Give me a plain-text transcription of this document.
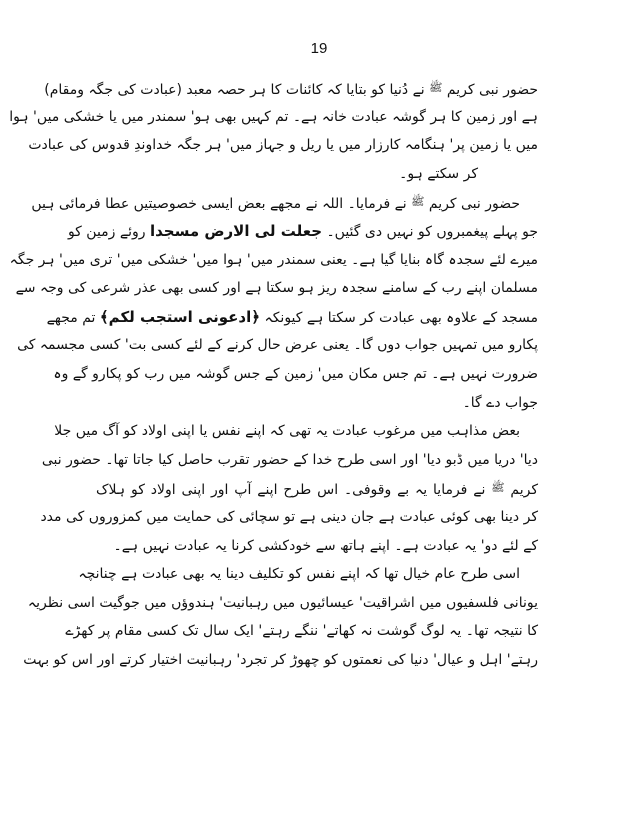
19
حضور نبی کریم $^ﷺ$ نے دُنیا کو بتایا کہ کائنات کا ہر حصہ معبد (عبادت کی جگہ ومقام)
ہے اور زمین کا ہر گوشہ عبادت خانہ ہے۔ تم کہیں بھی ہو' سمندر میں یا خشکی میں' ہوا
میں یا زمین پر' ہنگامہ کارزار میں یا ریل و جہاز میں' ہر جگہ خداوندِ قدوس کی عبادت
کر سکتے ہو۔
حضور نبی کریم $^ﷺ$ نے فرمایا۔ اللہ نے مجھے بعض ایسی خصوصیتیں عطا فرمائی ہیں
جو پہلے پیغمبروں کو نہیں دی گئیں۔ جعلت لی الارض مسجدا روئے زمین کو
میرے لئے سجدہ گاہ بنایا گیا ہے۔ یعنی سمندر میں' ہوا میں' خشکی میں' تری میں' ہر جگہ
مسلمان اپنے رب کے سامنے سجدہ ریز ہو سکتا ہے اور کسی بھی عذر شرعی کی وجہ سے
مسجد کے علاوہ بھی عبادت کر سکتا ہے کیونکہ ﴿ادعونی استجب لکم﴾ تم مجھے
پکارو میں تمہیں جواب دوں گا۔ یعنی عرض حال کرنے کے لئے کسی بت' کسی مجسمہ کی
ضرورت نہیں ہے۔ تم جس مکان میں' زمین کے جس گوشہ میں رب کو پکارو گے وہ
جواب دے گا۔
بعض مذاہب میں مرغوب عبادت یہ تھی کہ اپنے نفس یا اپنی اولاد کو آگ میں جلا
دیا' دریا میں ڈبو دیا' اور اسی طرح خدا کے حضور تقرب حاصل کیا جاتا تھا۔ حضور نبی
کریم $^ﷺ$ نے فرمایا یہ بے وقوفی۔ اس طرح اپنے آپ اور اپنی اولاد کو ہلاک
کر دینا بھی کوئی عبادت ہے جان دینی ہے تو سچائی کی حمایت میں کمزوروں کی مدد
کے لئے دو' یہ عبادت ہے۔ اپنے ہاتھ سے خودکشی کرنا یہ عبادت نہیں ہے۔
اسی طرح عام خیال تھا کہ اپنے نفس کو تکلیف دینا یہ بھی عبادت ہے چنانچہ
یونانی فلسفیوں میں اشراقیت' عیسائیوں میں رہبانیت' ہندوؤں میں جوگیت اسی نظریہ
کا نتیجہ تھا۔ یہ لوگ گوشت نہ کھاتے' ننگے رہتے' ایک سال تک کسی مقام پر کھڑے
رہتے' اہل و عیال' دنیا کی نعمتوں کو چھوڑ کر تجرد' رہبانیت اختیار کرتے اور اس کو بہت
